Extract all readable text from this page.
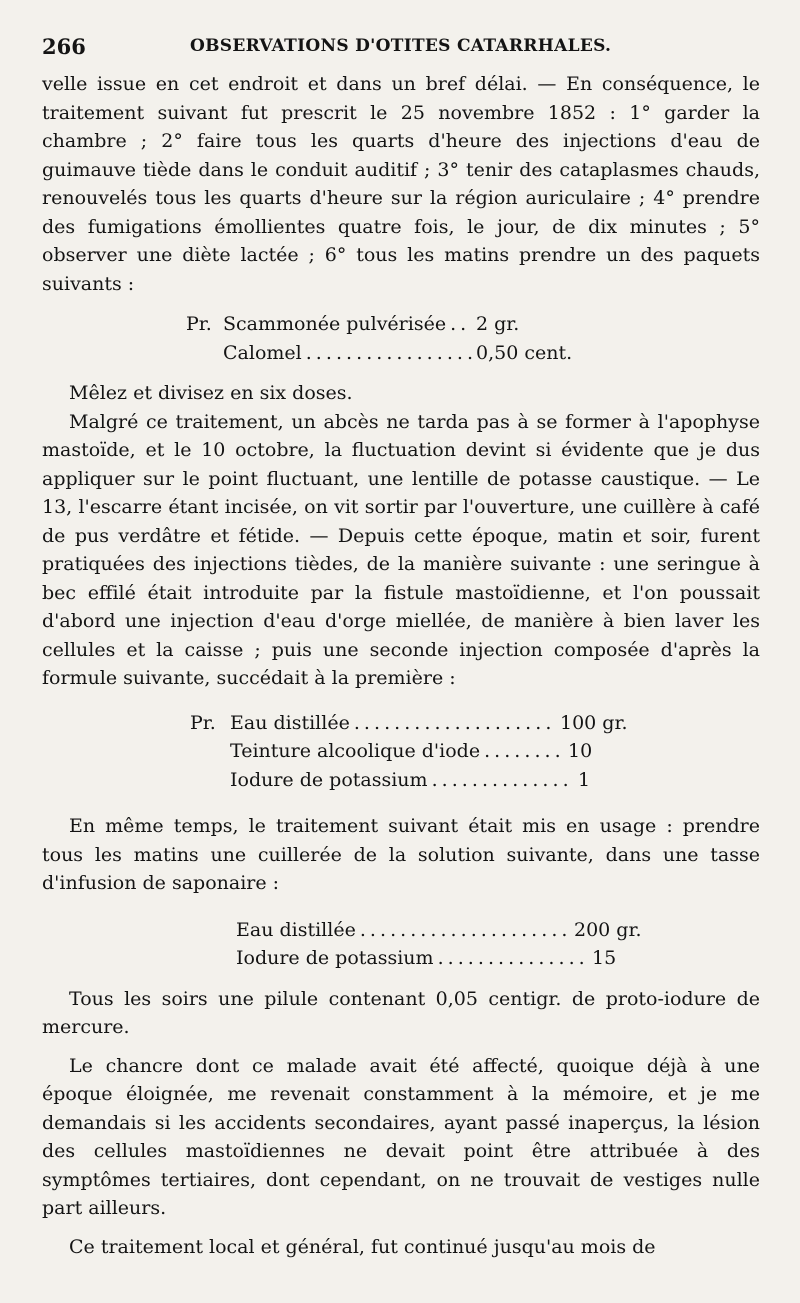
266	OBSERVATIONS D'OTITES CATARRHALES.

velle issue en cet endroit et dans un bref délai. — En conséquence, le traitement suivant fut prescrit le 25 novembre 1852 : 1° garder la chambre ; 2° faire tous les quarts d'heure des injections d'eau de guimauve tiède dans le conduit auditif ; 3° tenir des cataplasmes chauds, renouvelés tous les quarts d'heure sur la région auriculaire ; 4° prendre des fumigations émollientes quatre fois, le jour, de dix minutes ; 5° observer une diète lactée ; 6° tous les matins prendre un des paquets suivants :

Pr. Scammonée pulvérisée . . . 2 gr.
Calomel . . .	0,50 cent.

Mêlez et divisez en six doses.

Malgré ce traitement, un abcès ne tarda pas à se former à l'apophyse mastoïde, et le 10 octobre, la fluctuation devint si évidente que je dus appliquer sur le point fluctuant, une lentille de potasse caustique. — Le 13, l'escarre étant incisée, on vit sortir par l'ouverture, une cuillère à café de pus verdâtre et fétide. — Depuis cette époque, matin et soir, furent pratiquées des injections tièdes, de la manière suivante : une seringue à bec effilé était introduite par la fistule mastoïdienne, et l'on poussait d'abord une injection d'eau d'orge miellée, de manière à bien laver les cellules et la caisse ; puis une seconde injection composée d'après la formule suivante, succédait à la première :

Pr. Eau distillée . . .	100 gr.
Teinture alcoolique d'iode . . .	10
Iodure de potassium . . .	1

En même temps, le traitement suivant était mis en usage : prendre tous les matins une cuillerée de la solution suivante, dans une tasse d'infusion de saponaire :

Eau distillée . . .	200 gr.
Iodure de potassium . . .	15

Tous les soirs une pilule contenant 0,05 centigr. de proto-iodure de mercure.

Le chancre dont ce malade avait été affecté, quoique déjà à une époque éloignée, me revenait constamment à la mémoire, et je me demandais si les accidents secondaires, ayant passé inaperçus, la lésion des cellules mastoïdiennes ne devait point être attribuée à des symptômes tertiaires, dont cependant, on ne trouvait de vestiges nulle part ailleurs.

Ce traitement local et général, fut continué jusqu'au mois de
